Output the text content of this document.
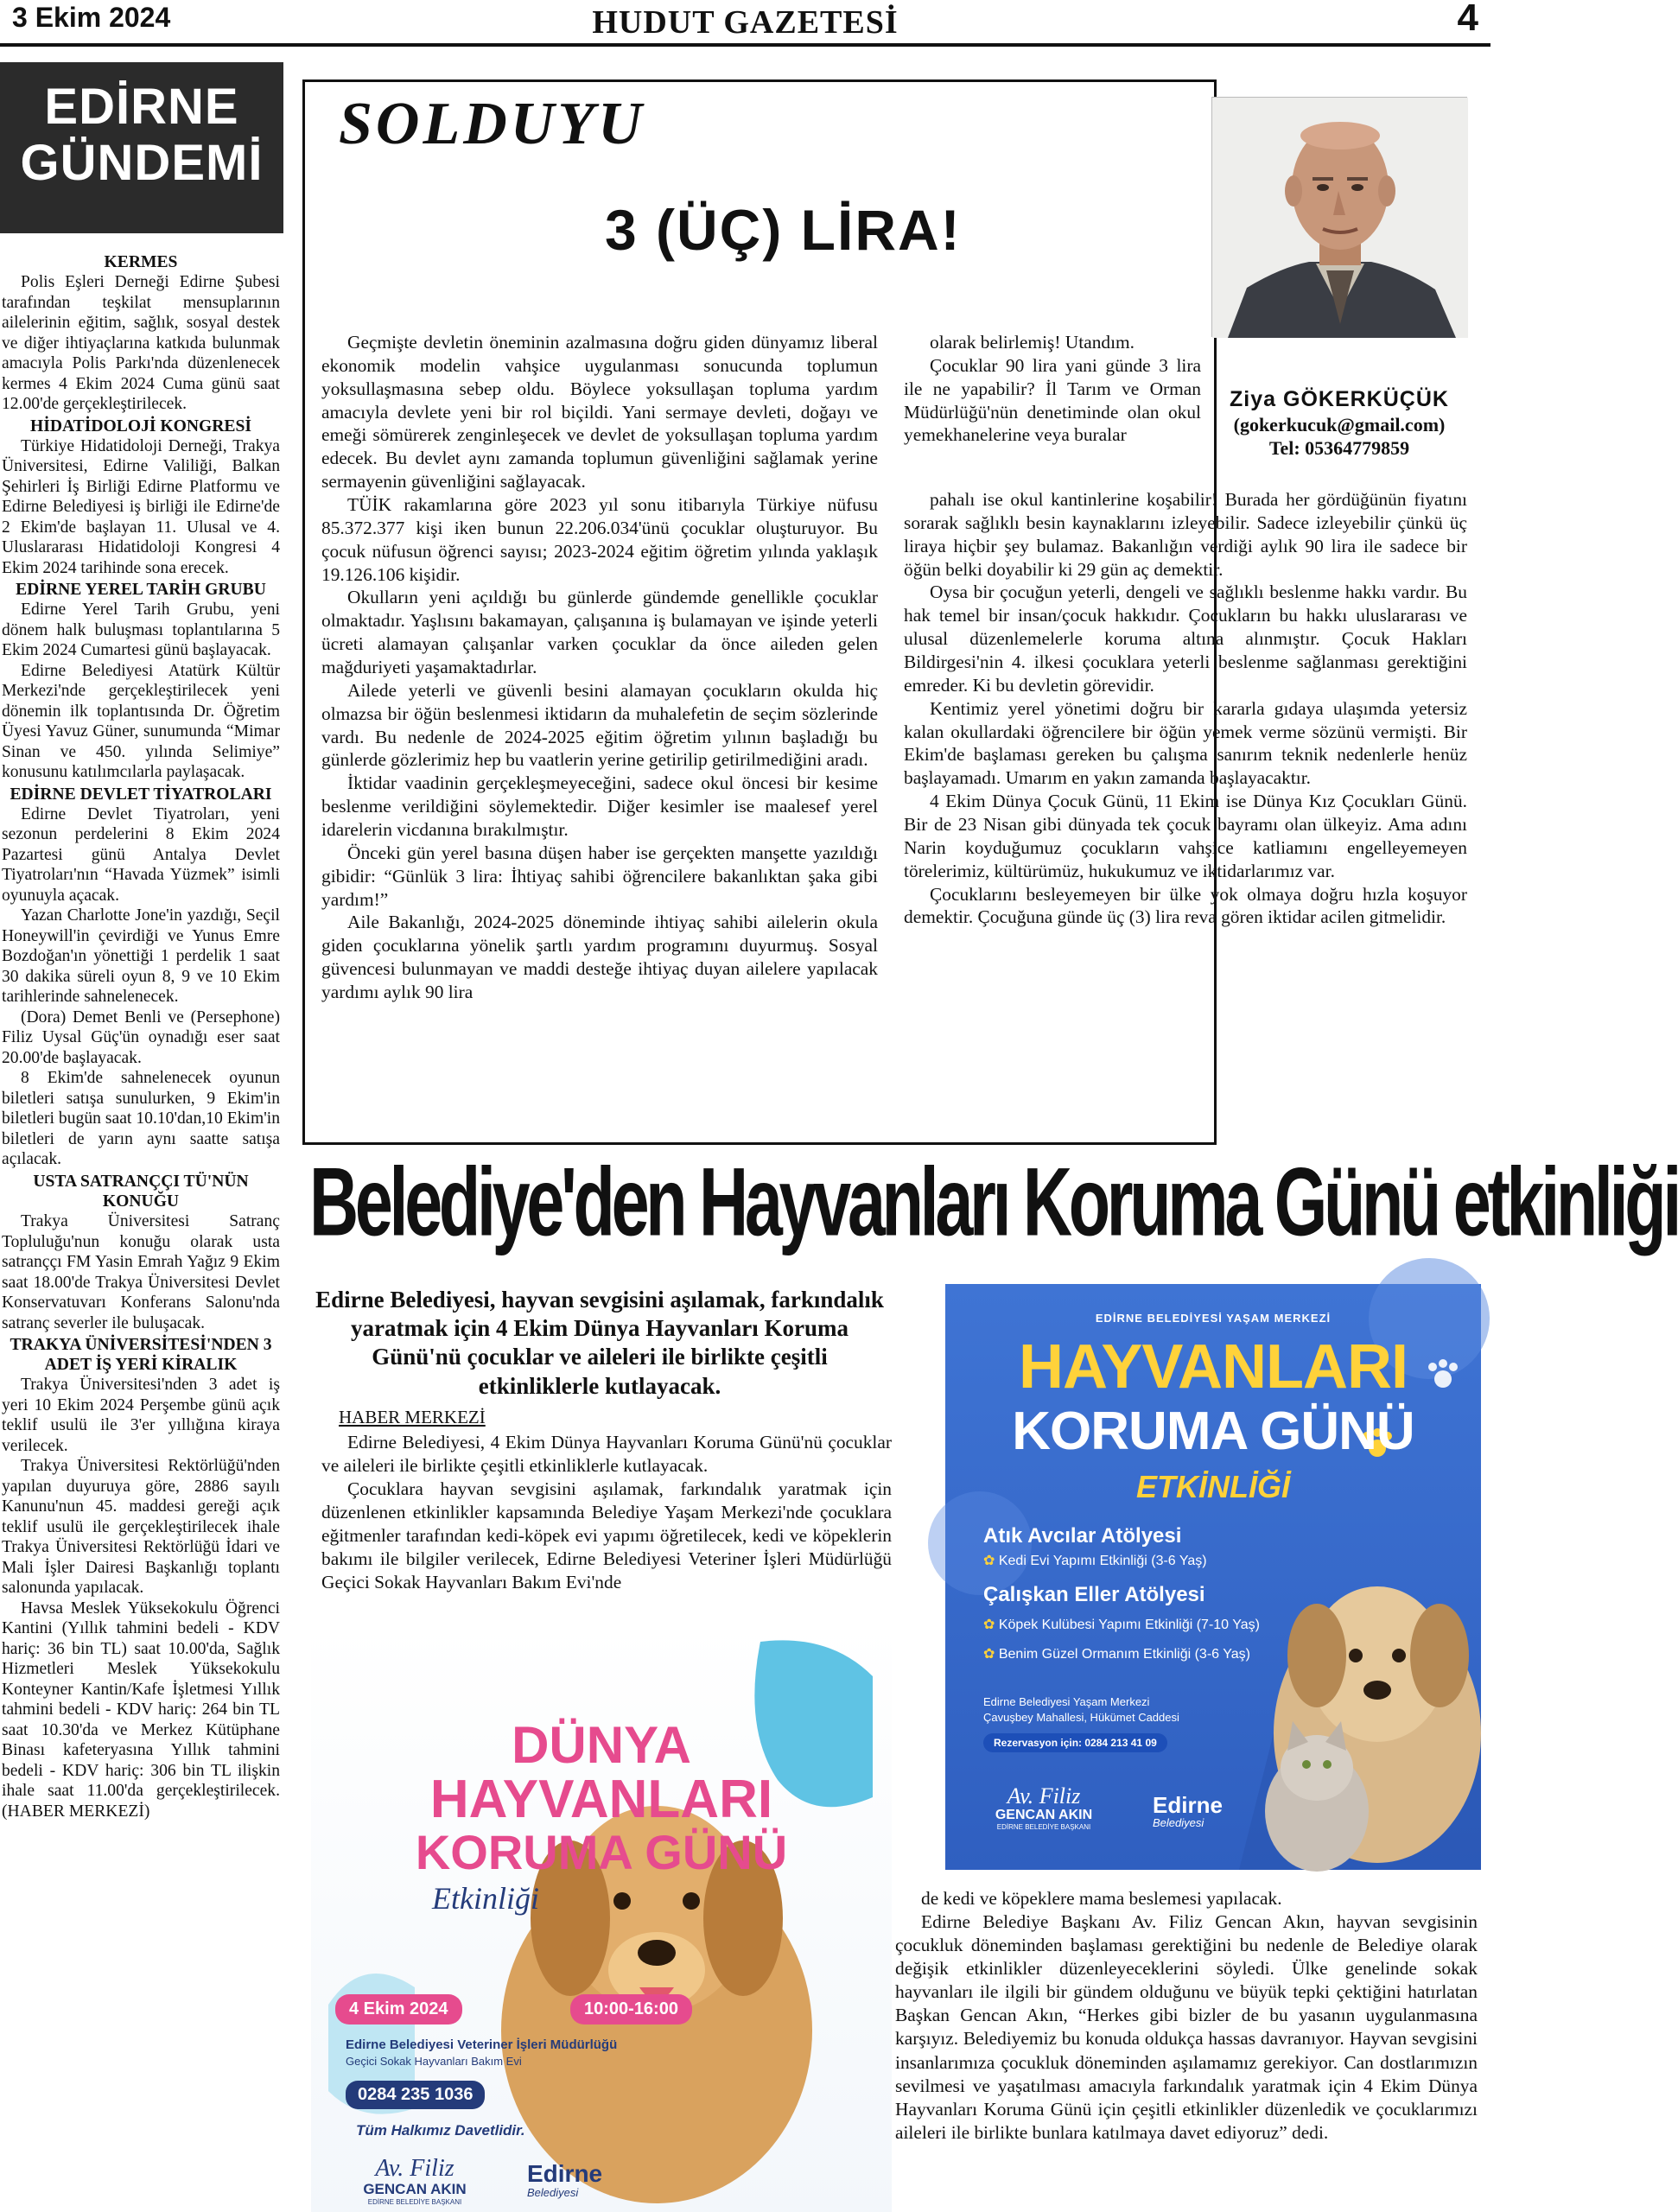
3 Ekim 2024	HUDUT GAZETESİ	4
EDİRNE
GÜNDEMİ
KERMES

Polis Eşleri Derneği Edirne Şubesi tarafından teşkilat mensuplarının ailelerinin eğitim, sağlık, sosyal destek ve diğer ihtiyaçlarına katkıda bulunmak amacıyla Polis Parkı'nda düzenlenecek kermes 4 Ekim 2024 Cuma günü saat 12.00'de gerçekleştirilecek.

HİDATİDOLOJİ KONGRESİ

Türkiye Hidatidoloji Derneği, Trakya Üniversitesi, Edirne Valiliği, Balkan Şehirleri İş Birliği Edirne Platformu ve Edirne Belediyesi iş birliği ile Edirne'de 2 Ekim'de başlayan 11. Ulusal ve 4. Uluslararası Hidatidoloji Kongresi 4 Ekim 2024 tarihinde sona erecek.

EDİRNE YEREL TARİH GRUBU

Edirne Yerel Tarih Grubu, yeni dönem halk buluşması toplantılarına 5 Ekim 2024 Cumartesi günü başlayacak.

Edirne Belediyesi Atatürk Kültür Merkezi'nde gerçekleştirilecek yeni dönemin ilk toplantısında Dr. Öğretim Üyesi Yavuz Güner, sunumunda “Mimar Sinan ve 450. yılında Selimiye” konusunu katılımcılarla paylaşacak.

EDİRNE DEVLET TİYATROLARI

Edirne Devlet Tiyatroları, yeni sezonun perdelerini 8 Ekim 2024 Pazartesi günü Antalya Devlet Tiyatroları'nın “Havada Yüzmek” isimli oyunuyla açacak.

Yazan Charlotte Jone'in yazdığı, Seçil Honeywill'in çevirdiği ve Yunus Emre Bozdoğan'ın yönettiği 1 perdelik 1 saat 30 dakika süreli oyun 8, 9 ve 10 Ekim tarihlerinde sahnelenecek.

(Dora) Demet Benli ve (Persephone) Filiz Uysal Güç'ün oynadığı eser saat 20.00'de başlayacak.

8 Ekim'de sahnelenecek oyunun biletleri satışa sunulurken, 9 Ekim'in biletleri bugün saat 10.10'dan,10 Ekim'in biletleri de yarın aynı saatte satışa açılacak.

USTA SATRANÇÇI TÜ'NÜN KONUĞU

Trakya Üniversitesi Satranç Topluluğu'nun konuğu olarak usta satranççı FM Yasin Emrah Yağız 9 Ekim saat 18.00'de Trakya Üniversitesi Devlet Konservatuvarı Konferans Salonu'nda satranç severler ile buluşacak.

TRAKYA ÜNİVERSİTESİ'NDEN 3 ADET İŞ YERİ KİRALIK

Trakya Üniversitesi'nden 3 adet iş yeri 10 Ekim 2024 Perşembe günü açık teklif usulü ile 3'er yıllığına kiraya verilecek.

Trakya Üniversitesi Rektörlüğü'nden yapılan duyuruya göre, 2886 sayılı Kanunu'nun 45. maddesi gereği açık teklif usulü ile gerçekleştirilecek ihale Trakya Üniversitesi Rektörlüğü İdari ve Mali İşler Dairesi Başkanlığı toplantı salonunda yapılacak.

Havsa Meslek Yüksekokulu Öğrenci Kantini (Yıllık tahmini bedeli - KDV hariç: 36 bin TL) saat 10.00'da, Sağlık Hizmetleri Meslek Yüksekokulu Konteyner Kantin/Kafe İşletmesi Yıllık tahmini bedeli - KDV hariç: 264 bin TL saat 10.30'da ve Merkez Kütüphane Binası kafeteryasına Yıllık tahmini bedeli - KDV hariç: 306 bin TL ilişkin ihale saat 11.00'da gerçekleştirilecek. (HABER MERKEZİ)

SOLDUYU
3 (ÜÇ) LİRA!
Ziya GÖKERKÜÇÜK
(gokerkucuk@gmail.com)
Tel: 05364779859

Geçmişte devletin öneminin azalmasına doğru giden dünyamız liberal ekonomik modelin vahşice uygulanması sonucunda toplumun yoksullaşmasına sebep oldu. Böylece yoksullaşan topluma yardım amacıyla devlete yeni bir rol biçildi. Yani sermaye devleti, doğayı ve emeği sömürerek zenginleşecek ve devlet de yoksullaşan topluma yardım edecek. Bu devlet aynı zamanda toplumun güvenliğini sağlamak yerine sermayenin güvenliğini sağlayacak.

TÜİK rakamlarına göre 2023 yıl sonu itibarıyla Türkiye nüfusu 85.372.377 kişi iken bunun 22.206.034'ünü çocuklar oluşturuyor. Bu çocuk nüfusun öğrenci sayısı; 2023-2024 eğitim öğretim yılında yaklaşık 19.126.106 kişidir.

Okulların yeni açıldığı bu günlerde gündemde genellikle çocuklar olmaktadır. Yaşlısını bakamayan, çalışanına iş bulamayan ve işinde yeterli ücreti alamayan çalışanlar varken çocuklar da önce aileden gelen mağduriyeti yaşamaktadırlar.

Ailede yeterli ve güvenli besini alamayan çocukların okulda hiç olmazsa bir öğün beslenmesi iktidarın da muhalefetin de seçim sözlerinde vardı. Bu nedenle de 2024-2025 eğitim öğretim yılının başladığı bu günlerde gözlerimiz hep bu vaatlerin yerine getirilip getirilmediğini aradı.

İktidar vaadinin gerçekleşmeyeceğini, sadece okul öncesi bir kesime beslenme verildiğini söylemektedir. Diğer kesimler ise maalesef yerel idarelerin vicdanına bırakılmıştır.

Önceki gün yerel basına düşen haber ise gerçekten manşette yazıldığı gibidir: “Günlük 3 lira: İhtiyaç sahibi öğrencilere bakanlıktan şaka gibi yardım!”

Aile Bakanlığı, 2024-2025 döneminde ihtiyaç sahibi ailelerin okula giden çocuklarına yönelik şartlı yardım programını duyurmuş. Sosyal güvencesi bulunmayan ve maddi desteğe ihtiyaç duyan ailelere yapılacak yardımı aylık 90 lira

olarak belirlemiş! Utandım.

Çocuklar 90 lira yani günde 3 lira ile ne yapabilir? İl Tarım ve Orman Müdürlüğü'nün denetiminde olan okul yemekhanelerine veya buralar

pahalı ise okul kantinlerine koşabilir! Burada her gördüğünün fiyatını sorarak sağlıklı besin kaynaklarını izleyebilir. Sadece izleyebilir çünkü üç liraya hiçbir şey bulamaz. Bakanlığın verdiği aylık 90 lira ile sadece bir öğün belki doyabilir ki 29 gün aç demektir.

Oysa bir çocuğun yeterli, dengeli ve sağlıklı beslenme hakkı vardır. Bu hak temel bir insan/çocuk hakkıdır. Çocukların bu hakkı uluslararası ve ulusal düzenlemelerle koruma altına alınmıştır. Çocuk Hakları Bildirgesi'nin 4. ilkesi çocuklara yeterli beslenme sağlanması gerektiğini emreder. Ki bu devletin görevidir.

Kentimiz yerel yönetimi doğru bir kararla gıdaya ulaşımda yetersiz kalan okullardaki öğrencilere bir öğün yemek verme sözünü vermişti. Bir Ekim'de başlaması gereken bu çalışma sanırım teknik nedenlerle henüz başlayamadı. Umarım en yakın zamanda başlayacaktır.

4 Ekim Dünya Çocuk Günü, 11 Ekim ise Dünya Kız Çocukları Günü. Bir de 23 Nisan gibi dünyada tek çocuk bayramı olan ülkeyiz. Ama adını Narin koyduğumuz çocukların vahşice katliamını engelleyemeyen törelerimiz, kültürümüz, hukukumuz ve iktidarlarımız var.

Çocuklarını besleyemeyen bir ülke yok olmaya doğru hızla koşuyor demektir. Çocuğuna günde üç (3) lira reva gören iktidar acilen gitmelidir.

Belediye'den Hayvanları Koruma Günü etkinliği
Edirne Belediyesi, hayvan sevgisini aşılamak, farkındalık yaratmak için 4 Ekim Dünya Hayvanları Koruma Günü'nü çocuklar ve aileleri ile birlikte çeşitli etkinliklerle kutlayacak.
HABER MERKEZİ

Edirne Belediyesi, 4 Ekim Dünya Hayvanları Koruma Günü'nü çocuklar ve aileleri ile birlikte çeşitli etkinliklerle kutlayacak.

Çocuklara hayvan sevgisini aşılamak, farkındalık yaratmak için düzenlenen etkinlikler kapsamında Belediye Yaşam Merkezi'nde çocuklara eğitmenler tarafından kedi-köpek evi yapımı öğretilecek, kedi ve köpeklerin bakımı ile bilgiler verilecek, Edirne Belediyesi Veteriner İşleri Müdürlüğü Geçici Sokak Hayvanları Bakım Evi'nde

de kedi ve köpeklere mama beslemesi yapılacak.

Edirne Belediye Başkanı Av. Filiz Gencan Akın, hayvan sevgisinin çocukluk döneminden başlaması gerektiğini bu nedenle de Belediye olarak değişik etkinlikler düzenleyeceklerini söyledi. Ülke genelinde sokak hayvanları ile ilgili bir gündem olduğunu ve büyük tepki çektiğini hatırlatan Başkan Gencan Akın, “Herkes gibi bizler de bu yasanın uygulanmasına karşıyız. Belediyemiz bu konuda oldukça hassas davranıyor. Hayvan sevgisini insanlarımıza çocukluk döneminden aşılamamız gerekiyor. Can dostlarımızın sevilmesi ve yaşatılması amacıyla farkındalık yaratmak için 4 Ekim Dünya Hayvanları Koruma Günü için çeşitli etkinlikler düzenledik ve çocuklarımızı aileleri ile birlikte bunlara katılmaya davet ediyoruz” dedi.

EDİRNE BELEDİYESİ YAŞAM MERKEZİ
HAYVANLARI
KORUMA GÜNÜ
ETKİNLİĞİ
Atık Avcılar Atölyesi
✿ Kedi Evi Yapımı Etkinliği (3-6 Yaş)
Çalışkan Eller Atölyesi
✿ Köpek Kulübesi Yapımı Etkinliği (7-10 Yaş)
✿ Benim Güzel Ormanım Etkinliği (3-6 Yaş)
Edirne Belediyesi Yaşam Merkezi
Çavuşbey Mahallesi, Hükümet Caddesi
Rezervasyon için: 0284 213 41 09
Av. Filiz
GENCAN AKIN
EDİRNE BELEDİYE BAŞKANI
Edirne
Belediyesi
DÜNYA
HAYVANLARI
KORUMA GÜNÜ
Etkinliği
4 Ekim 2024	10:00-16:00
Edirne Belediyesi Veteriner İşleri Müdürlüğü
Geçici Sokak Hayvanları Bakım Evi
0284 235 1036
Tüm Halkımız Davetlidir.
Av. Filiz
GENCAN AKIN
EDİRNE BELEDİYE BAŞKANI
Edirne
Belediyesi
